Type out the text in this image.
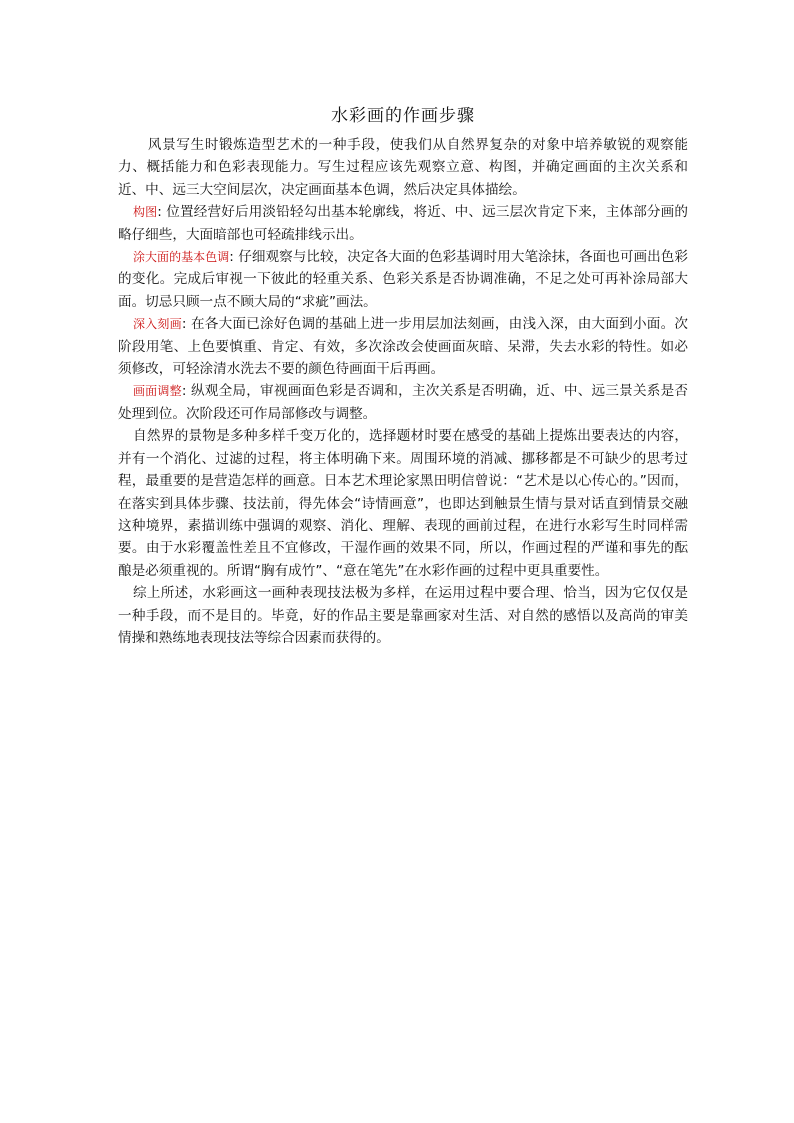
水彩画的作画步骤

风景写生时锻炼造型艺术的一种手段，使我们从自然界复杂的对象中培养敏锐的观察能力、概括能力和色彩表现能力。写生过程应该先观察立意、构图，并确定画面的主次关系和近、中、远三大空间层次，决定画面基本色调，然后决定具体描绘。

构图: 位置经营好后用淡铅轻勾出基本轮廓线，将近、中、远三层次肯定下来，主体部分画的略仔细些，大面暗部也可轻疏排线示出。

涂大面的基本色调: 仔细观察与比较，决定各大面的色彩基调时用大笔涂抹，各面也可画出色彩的变化。完成后审视一下彼此的轻重关系、色彩关系是否协调准确，不足之处可再补涂局部大面。切忌只顾一点不顾大局的“求疵”画法。

深入刻画: 在各大面已涂好色调的基础上进一步用层加法刻画，由浅入深，由大面到小面。次阶段用笔、上色要慎重、肯定、有效，多次涂改会使画面灰暗、呆滞，失去水彩的特性。如必须修改，可轻涂清水洗去不要的颜色待画面干后再画。

画面调整: 纵观全局，审视画面色彩是否调和，主次关系是否明确，近、中、远三景关系是否处理到位。次阶段还可作局部修改与调整。

自然界的景物是多种多样千变万化的，选择题材时要在感受的基础上提炼出要表达的内容，并有一个消化、过滤的过程，将主体明确下来。周围环境的消减、挪移都是不可缺少的思考过程，最重要的是营造怎样的画意。日本艺术理论家黑田明信曾说：“艺术是以心传心的。”因而，在落实到具体步骤、技法前，得先体会“诗情画意”，也即达到触景生情与景对话直到情景交融这种境界，素描训练中强调的观察、消化、理解、表现的画前过程，在进行水彩写生时同样需要。由于水彩覆盖性差且不宜修改，干湿作画的效果不同，所以，作画过程的严谨和事先的酝酿是必须重视的。所谓“胸有成竹”、“意在笔先”在水彩作画的过程中更具重要性。

综上所述，水彩画这一画种表现技法极为多样，在运用过程中要合理、恰当，因为它仅仅是一种手段，而不是目的。毕竟，好的作品主要是靠画家对生活、对自然的感悟以及高尚的审美情操和熟练地表现技法等综合因素而获得的。
